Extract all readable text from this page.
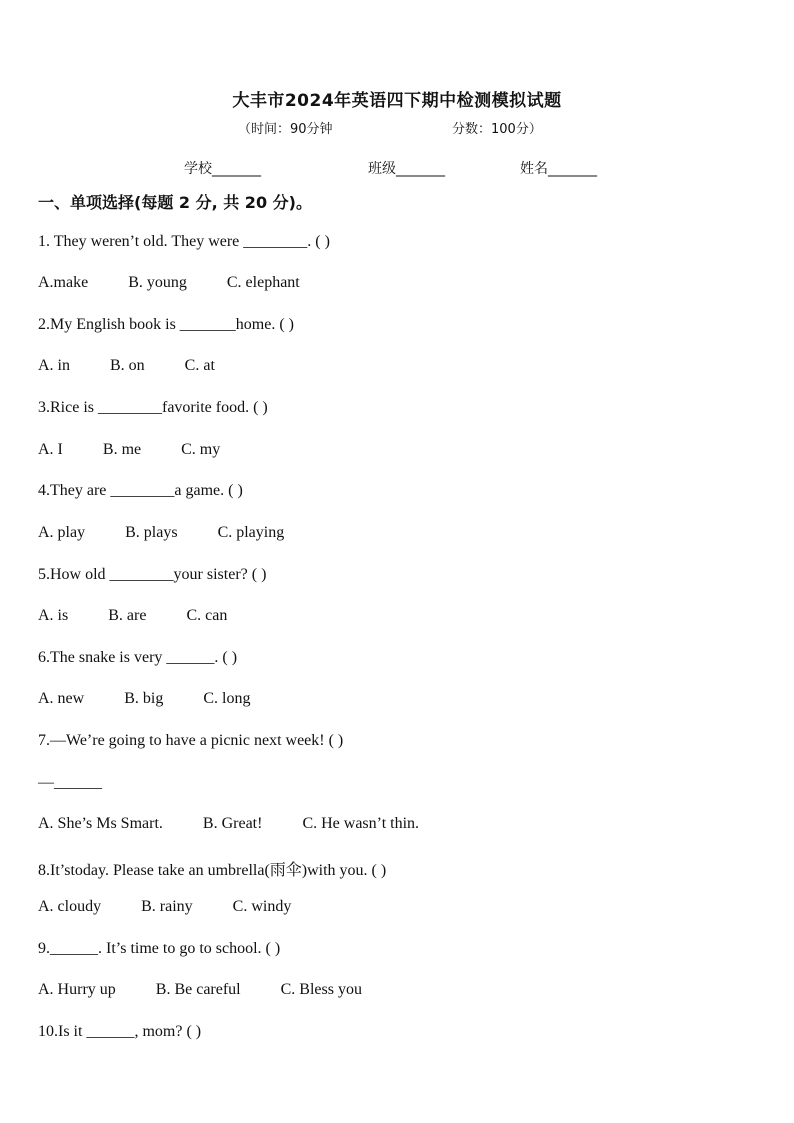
大丰市2024年英语四下期中检测模拟试题
（时间：90分钟	分数：100分）
学校_______	班级_______	姓名_______
一、单项选择(每题 2 分, 共 20 分)。
1. They weren’t old. They were ________. ( )
A.make	B. young	C. elephant
2.My English book is _______home. ( )
A. in	B. on	C. at
3.Rice is ________favorite food. ( )
A. I	B. me	C. my
4.They are ________a game. ( )
A. play	B. plays	C. playing
5.How old ________your sister? ( )
A. is	B. are	C. can
6.The snake is very ______. ( )
A. new	B. big	C. long
7.—We’re going to have a picnic next week! ( )
—______
A. She’s Ms Smart.	B. Great!	C. He wasn’t thin.
8.It’stoday. Please take an umbrella(雨伞)with you. ( )
A. cloudy	B. rainy	C. windy
9.______. It’s time to go to school. ( )
A. Hurry up	B. Be careful	C. Bless you
10.Is it ______, mom? ( )
